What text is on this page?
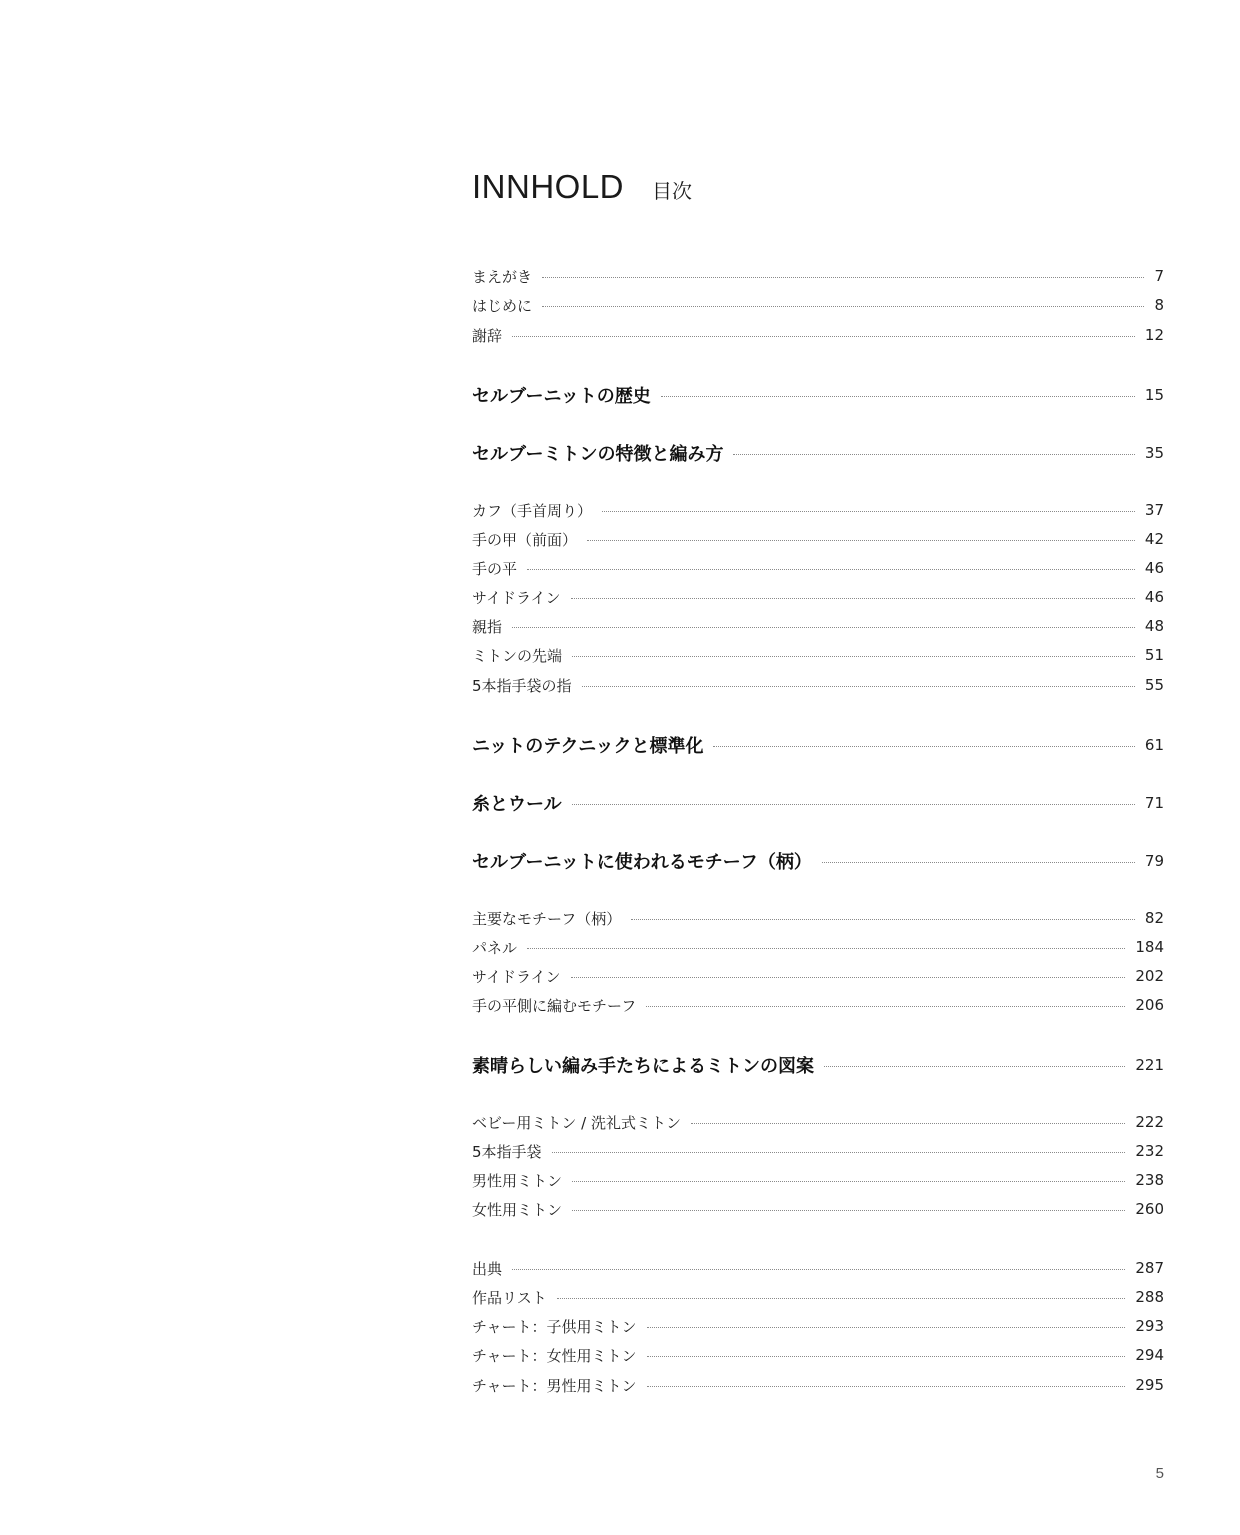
INNHOLD 目次
まえがき	7
はじめに	8
謝辞	12
セルブーニットの歴史	15
セルブーミトンの特徴と編み方	35
カフ（手首周り）	37
手の甲（前面）	42
手の平	46
サイドライン	46
親指	48
ミトンの先端	51
5本指手袋の指	55
ニットのテクニックと標準化	61
糸とウール	71
セルブーニットに使われるモチーフ（柄）	79
主要なモチーフ（柄）	82
パネル	184
サイドライン	202
手の平側に編むモチーフ	206
素晴らしい編み手たちによるミトンの図案	221
ベビー用ミトン / 洗礼式ミトン	222
5本指手袋	232
男性用ミトン	238
女性用ミトン	260
出典	287
作品リスト	288
チャート：子供用ミトン	293
チャート：女性用ミトン	294
チャート：男性用ミトン	295
5
